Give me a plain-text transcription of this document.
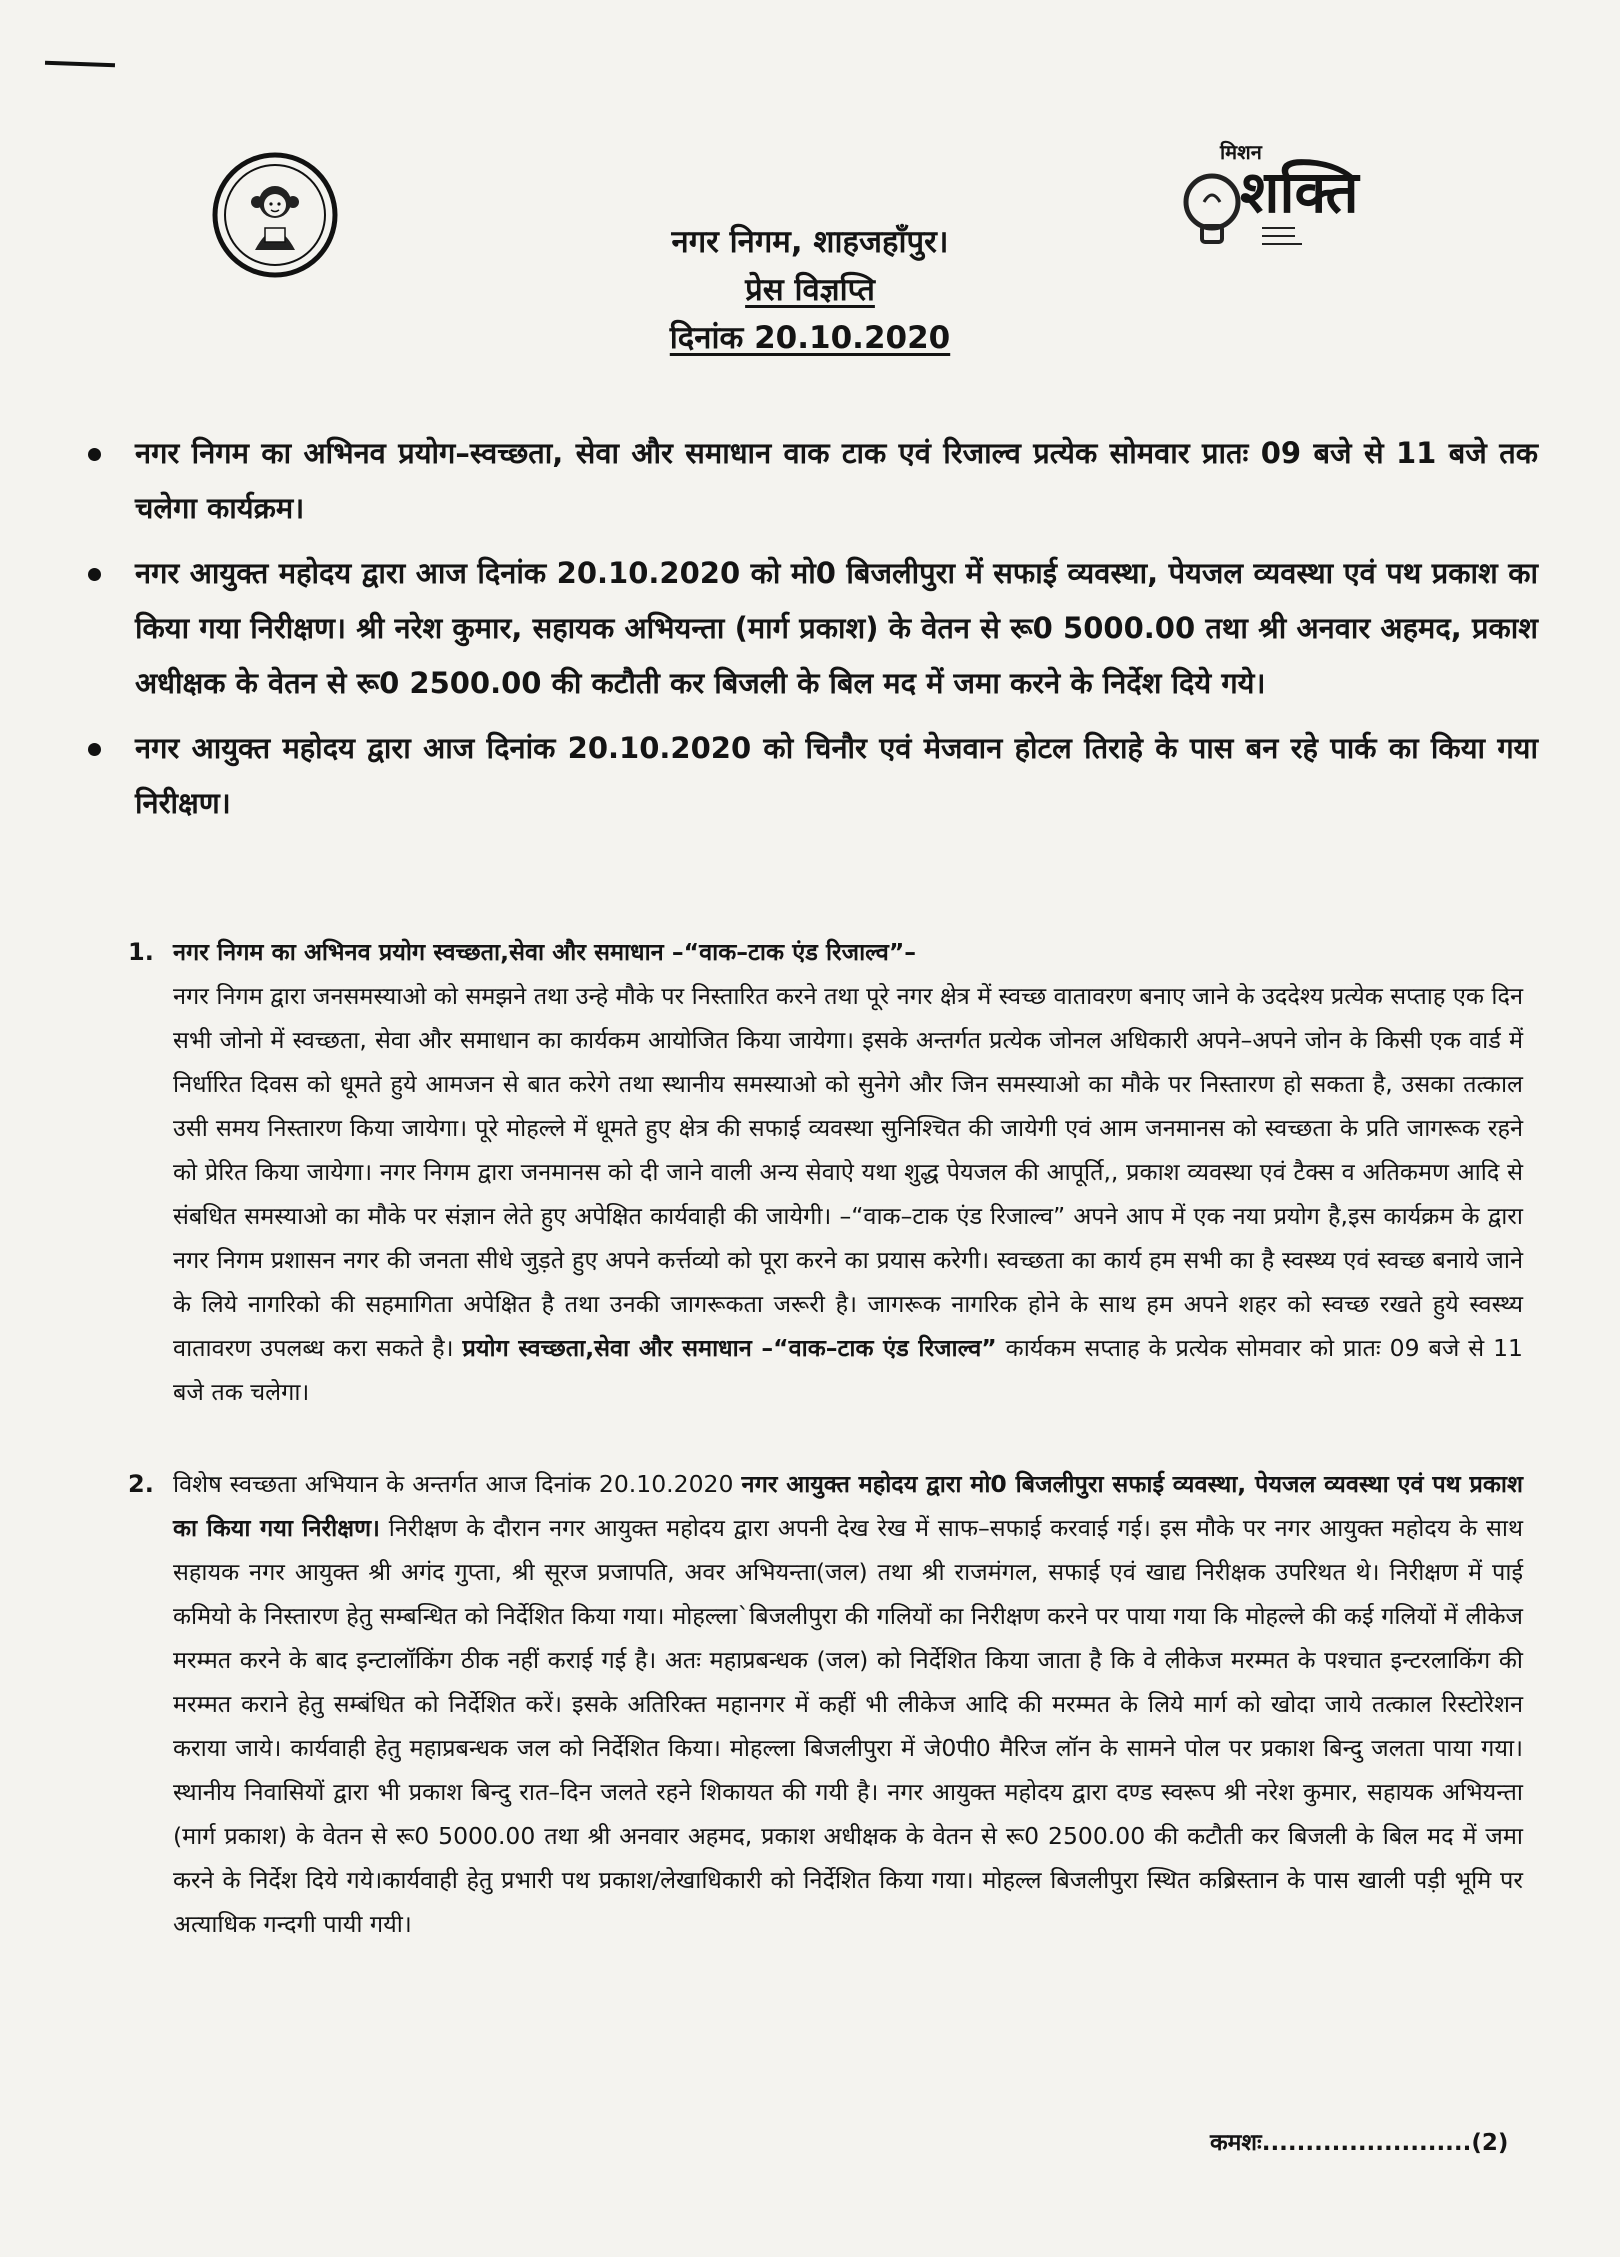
मिशन
शक्ति
नगर निगम, शाहजहाँपुर।
प्रेस विज्ञप्ति
दिनांक 20.10.2020
नगर निगम का अभिनव प्रयोग–स्वच्छता, सेवा और समाधान वाक टाक एवं रिजाल्व प्रत्येक सोमवार प्रातः 09 बजे से 11 बजे तक चलेगा कार्यक्रम।
नगर आयुक्त महोदय द्वारा आज दिनांक 20.10.2020 को मो0 बिजलीपुरा में सफाई व्यवस्था, पेयजल व्यवस्था एवं पथ प्रकाश का किया गया निरीक्षण। श्री नरेश कुमार, सहायक अभियन्ता (मार्ग प्रकाश) के वेतन से रू0 5000.00 तथा श्री अनवार अहमद, प्रकाश अधीक्षक के वेतन से रू0 2500.00 की कटौती कर बिजली के बिल मद में जमा करने के निर्देश दिये गये।
नगर आयुक्त महोदय द्वारा आज दिनांक 20.10.2020 को चिनौर एवं मेजवान होटल तिराहे के पास बन रहे पार्क का किया गया निरीक्षण।
1. नगर निगम का अभिनव प्रयोग स्वच्छता,सेवा और समाधान –“वाक–टाक एंड रिजाल्व”–
नगर निगम द्वारा जनसमस्याओ को समझने तथा उन्हे मौके पर निस्तारित करने तथा पूरे नगर क्षेत्र में स्वच्छ वातावरण बनाए जाने के उददेश्य प्रत्येक सप्ताह एक दिन सभी जोनो में स्वच्छता, सेवा और समाधान का कार्यकम आयोजित किया जायेगा। इसके अन्तर्गत प्रत्येक जोनल अधिकारी अपने–अपने जोन के किसी एक वार्ड में निर्धारित दिवस को धूमते हुये आमजन से बात करेगे तथा स्थानीय समस्याओ को सुनेगे और जिन समस्याओ का मौके पर निस्तारण हो सकता है, उसका तत्काल उसी समय निस्तारण किया जायेगा। पूरे मोहल्ले में धूमते हुए क्षेत्र की सफाई व्यवस्था सुनिश्चित की जायेगी एवं आम जनमानस को स्वच्छता के प्रति जागरूक रहने को प्रेरित किया जायेगा। नगर निगम द्वारा जनमानस को दी जाने वाली अन्य सेवाऐ यथा शुद्ध पेयजल की आपूर्ति,, प्रकाश व्यवस्था एवं टैक्स व अतिकमण आदि से संबधित समस्याओ का मौके पर संज्ञान लेते हुए अपेक्षित कार्यवाही की जायेगी। –“वाक–टाक एंड रिजाल्व” अपने आप में एक नया प्रयोग है,इस कार्यक्रम के द्वारा नगर निगम प्रशासन नगर की जनता सीधे जुड़ते हुए अपने कर्त्तव्यो को पूरा करने का प्रयास करेगी। स्वच्छता का कार्य हम सभी का है स्वस्थ्य एवं स्वच्छ बनाये जाने के लिये नागरिको की सहमागिता अपेक्षित है तथा उनकी जागरूकता जरूरी है। जागरूक नागरिक होने के साथ हम अपने शहर को स्वच्छ रखते हुये स्वस्थ्य वातावरण उपलब्ध करा सकते है। प्रयोग स्वच्छता,सेवा और समाधान –“वाक–टाक एंड रिजाल्व” कार्यकम सप्ताह के प्रत्येक सोमवार को प्रातः 09 बजे से 11 बजे तक चलेगा।
2. विशेष स्वच्छता अभियान के अन्तर्गत आज दिनांक 20.10.2020 नगर आयुक्त महोदय द्वारा मो0 बिजलीपुरा सफाई व्यवस्था, पेयजल व्यवस्था एवं पथ प्रकाश का किया गया निरीक्षण। निरीक्षण के दौरान नगर आयुक्त महोदय द्वारा अपनी देख रेख में साफ–सफाई करवाई गई। इस मौके पर नगर आयुक्त महोदय के साथ सहायक नगर आयुक्त श्री अगंद गुप्ता, श्री सूरज प्रजापति, अवर अभियन्ता(जल) तथा श्री राजमंगल, सफाई एवं खाद्य निरीक्षक उपरिथत थे। निरीक्षण में पाई कमियो के निस्तारण हेतु सम्बन्धित को निर्देशित किया गया। मोहल्ला`बिजलीपुरा की गलियों का निरीक्षण करने पर पाया गया कि मोहल्ले की कई गलियों में लीकेज मरम्मत करने के बाद इन्टालॉकिंग ठीक नहीं कराई गई है। अतः महाप्रबन्धक (जल) को निर्देशित किया जाता है कि वे लीकेज मरम्मत के पश्चात इन्टरलाकिंग की मरम्मत कराने हेतु सम्बंधित को निर्देशित करें। इसके अतिरिक्त महानगर में कहीं भी लीकेज आदि की मरम्मत के लिये मार्ग को खोदा जाये तत्काल रिस्टोरेशन कराया जाये। कार्यवाही हेतु महाप्रबन्धक जल को निर्देशित किया। मोहल्ला बिजलीपुरा में जे0पी0 मैरिज लॉन के सामने पोल पर प्रकाश बिन्दु जलता पाया गया। स्थानीय निवासियों द्वारा भी प्रकाश बिन्दु रात–दिन जलते रहने शिकायत की गयी है। नगर आयुक्त महोदय द्वारा दण्ड स्वरूप श्री नरेश कुमार, सहायक अभियन्ता (मार्ग प्रकाश) के वेतन से रू0 5000.00 तथा श्री अनवार अहमद, प्रकाश अधीक्षक के वेतन से रू0 2500.00 की कटौती कर बिजली के बिल मद में जमा करने के निर्देश दिये गये।कार्यवाही हेतु प्रभारी पथ प्रकाश/लेखाधिकारी को निर्देशित किया गया। मोहल्ल बिजलीपुरा स्थित कब्रिस्तान के पास खाली पड़ी भूमि पर अत्याधिक गन्दगी पायी गयी।
कमशः........................(2)
